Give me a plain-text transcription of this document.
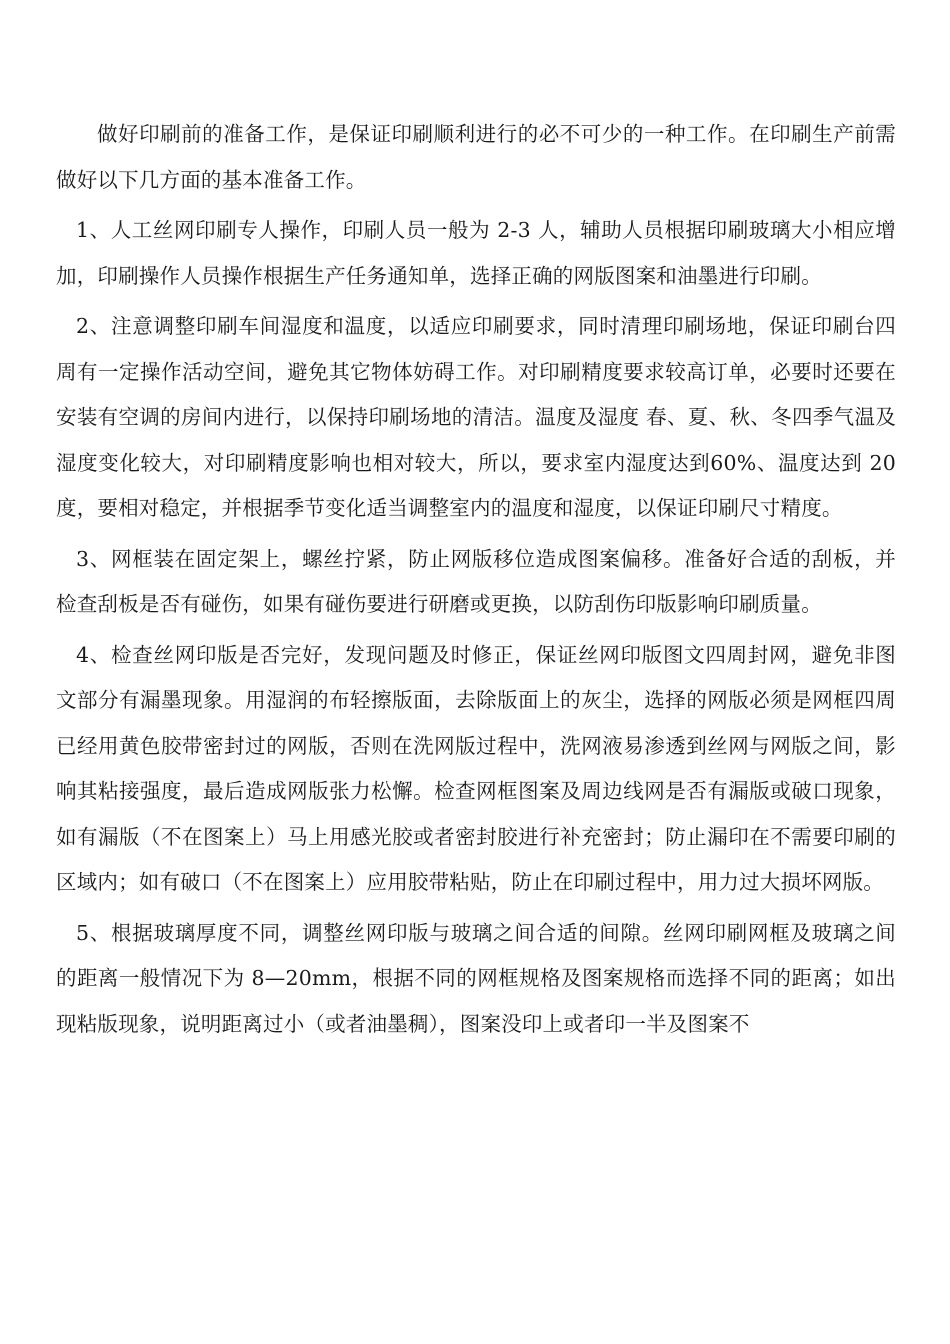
做好印刷前的准备工作，是保证印刷顺利进行的必不可少的一种工作。在印刷生产前需做好以下几方面的基本准备工作。

1、人工丝网印刷专人操作，印刷人员一般为 2-3 人，辅助人员根据印刷玻璃大小相应增加，印刷操作人员操作根据生产任务通知单，选择正确的网版图案和油墨进行印刷。

2、注意调整印刷车间湿度和温度，以适应印刷要求，同时清理印刷场地，保证印刷台四周有一定操作活动空间，避免其它物体妨碍工作。对印刷精度要求较高订单，必要时还要在安装有空调的房间内进行，以保持印刷场地的清洁。温度及湿度 春、夏、秋、冬四季气温及湿度变化较大，对印刷精度影响也相对较大，所以，要求室内湿度达到60%、温度达到 20 度，要相对稳定，并根据季节变化适当调整室内的温度和湿度，以保证印刷尺寸精度。

3、网框装在固定架上，螺丝拧紧，防止网版移位造成图案偏移。准备好合适的刮板，并检查刮板是否有碰伤，如果有碰伤要进行研磨或更换，以防刮伤印版影响印刷质量。

4、检查丝网印版是否完好，发现问题及时修正，保证丝网印版图文四周封网，避免非图文部分有漏墨现象。用湿润的布轻擦版面，去除版面上的灰尘，选择的网版必须是网框四周已经用黄色胶带密封过的网版，否则在洗网版过程中，洗网液易渗透到丝网与网版之间，影响其粘接强度，最后造成网版张力松懈。检查网框图案及周边线网是否有漏版或破口现象，如有漏版（不在图案上）马上用感光胶或者密封胶进行补充密封；防止漏印在不需要印刷的区域内；如有破口（不在图案上）应用胶带粘贴，防止在印刷过程中，用力过大损坏网版。

5、根据玻璃厚度不同，调整丝网印版与玻璃之间合适的间隙。丝网印刷网框及玻璃之间的距离一般情况下为 8—20mm，根据不同的网框规格及图案规格而选择不同的距离；如出现粘版现象，说明距离过小（或者油墨稠），图案没印上或者印一半及图案不
